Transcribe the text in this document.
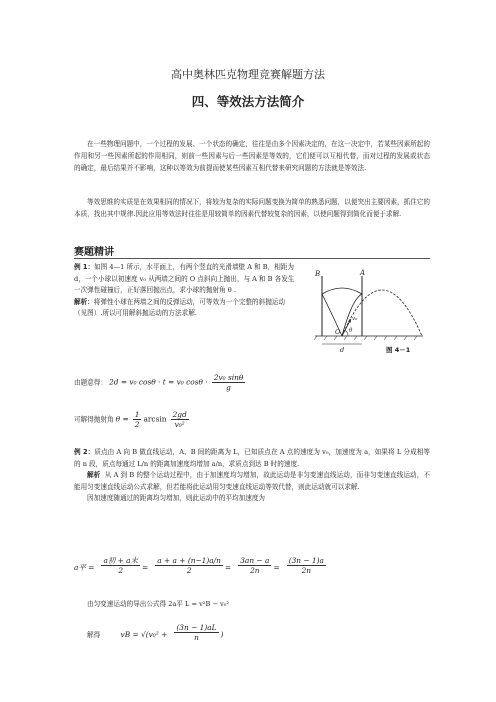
高中奥林匹克物理竞赛解题方法
四、等效法方法简介
在一些物理问题中，一个过程的发展、一个状态的确定，往往是由多个因素决定的，在这一决定中，若某些因素所起的作用和另一些因素所起的作用相同，则前一些因素与后一些因素是等效的，它们便可以互相代替，而对过程的发展或状态的确定，最后结果并不影响，这种以等效为前提而使某些因素互相代替来研究问题的方法就是等效法.
等效思维的实质是在效果相同的情况下，将较为复杂的实际问题变换为简单的熟悉问题，以便突出主要因素，抓住它的本质，找出其中规律.因此应用等效法时往往是用较简单的因素代替较复杂的因素，以使问题得到简化而便于求解.
赛题精讲
例 1：如图 4—1 所示，水平面上，有两个竖直的光滑墙壁 A 和 B，相距为 d，一个小球以初速度 v₀ 从两墙之间的 O 点斜向上抛出，与 A 和 B 各发生一次弹性碰撞后，正好落回抛出点，求小球的抛射角 θ .
解析：将弹性小球在两墙之间的反弹运动，可等效为一个完整的斜抛运动（见图）.所以可用解斜抛运动的方法求解.
B	A
O θ
v₀
d	图 4－1
由题意得： 2d = v₀ cosθ · t = v₀ $\cos\theta \cdot \frac{\text{2v₀ sinθ}}{g}$
可解得抛射角 $\theta = \frac{1}{2}$ $\arcsin \frac{2gd}{\text{v₀²}}$
例 2：质点由 A 向 B 做直线运动，A、B 间的距离为 L，已知质点在 A 点的速度为 v₀，加速度为 a，如果将 L 分成相等的 n 段，质点每通过 L/n 的距离加速度均增加 a/n，求质点到达 B 时的速度.
解析 从 A 到 B 的整个运动过程中，由于加速度均匀增加，故此运动是非匀变速直线运动，而非匀变速直线运动，不能用匀变速直线运动公式求解，但若能将此运动用匀变速直线运动等效代替，则此运动就可以求解.
因加速度随通过的距离均匀增加，则此运动中的平均加速度为
a平 = $\frac{\text{a初 + a末}}{2} = \frac{a + a + (n-1)a/n}{2} = \frac{3an - a}{2n} = \frac{(3n - 1)a}{2n}$
由匀变速运动的导出公式得 2a平 L = v²B − v₀²
解得	vB = $√(v_0^2 + \frac{(3n - 1)aL}{n}$ )
